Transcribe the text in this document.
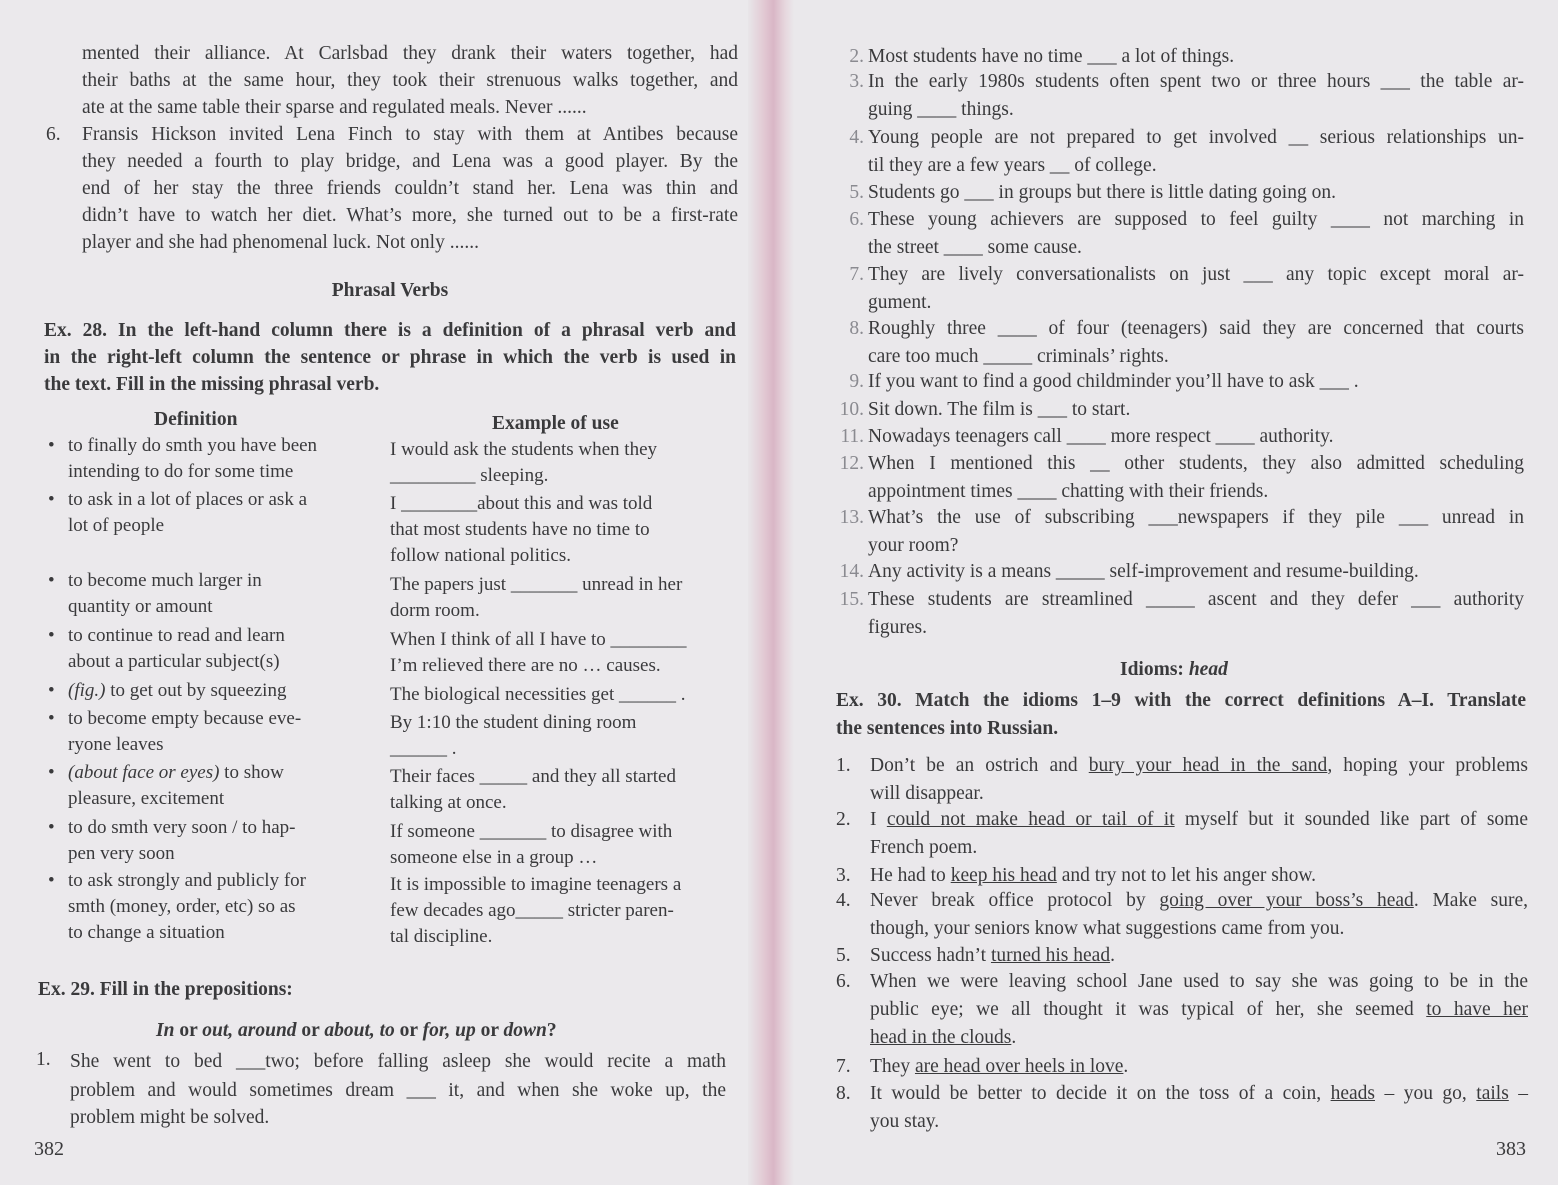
mented their alliance. At Carlsbad they drank their waters together, had
their baths at the same hour, they took their strenuous walks together, and
ate at the same table their sparse and regulated meals. Never ......
6. Fransis Hickson invited Lena Finch to stay with them at Antibes because
they needed a fourth to play bridge, and Lena was a good player. By the
end of her stay the three friends couldn’t stand her. Lena was thin and
didn’t have to watch her diet. What’s more, she turned out to be a first-rate
player and she had phenomenal luck. Not only ......
Phrasal Verbs
Ex. 28. In the left-hand column there is a definition of a phrasal verb and
in the right-left column the sentence or phrase in which the verb is used in
the text. Fill in the missing phrasal verb.
Definition	Example of use
• to finally do smth you have been
intending to do for some time
I would ask the students when they
_________ sleeping.
• to ask in a lot of places or ask a
lot of people
I ________about this and was told
that most students have no time to
follow national politics.
• to become much larger in
quantity or amount
The papers just _______ unread in her
dorm room.
• to continue to read and learn
about a particular subject(s)
When I think of all I have to ________
I’m relieved there are no … causes.
• (fig.) to get out by squeezing	The biological necessities get ______ .
• to become empty because eve-
ryone leaves
By 1:10 the student dining room
______ .
• (about face or eyes) to show
pleasure, excitement
Their faces _____ and they all started
talking at once.
• to do smth very soon / to hap-
pen very soon
If someone _______ to disagree with
someone else in a group …
• to ask strongly and publicly for
smth (money, order, etc) so as
to change a situation
It is impossible to imagine teenagers a
few decades ago_____ stricter paren-
tal discipline.
Ex. 29. Fill in the prepositions:
In or out, around or about, to or for, up or down?
1. She went to bed ___two; before falling asleep she would recite a math
problem and would sometimes dream ___ it, and when she woke up, the
problem might be solved.
382
2. Most students have no time ___ a lot of things.
3. In the early 1980s students often spent two or three hours ___ the table ar-
guing ____ things.
4. Young people are not prepared to get involved __ serious relationships un-
til they are a few years __ of college.
5. Students go ___ in groups but there is little dating going on.
6. These young achievers are supposed to feel guilty ____ not marching in
the street ____ some cause.
7. They are lively conversationalists on just ___ any topic except moral ar-
gument.
8. Roughly three ____ of four (teenagers) said they are concerned that courts
care too much _____ criminals’ rights.
9. If you want to find a good childminder you’ll have to ask ___ .
10. Sit down. The film is ___ to start.
11. Nowadays teenagers call ____ more respect ____ authority.
12. When I mentioned this __ other students, they also admitted scheduling
appointment times ____ chatting with their friends.
13. What’s the use of subscribing ___newspapers if they pile ___ unread in
your room?
14. Any activity is a means _____ self-improvement and resume-building.
15. These students are streamlined _____ ascent and they defer ___ authority
figures.
Idioms: head
Ex. 30. Match the idioms 1–9 with the correct definitions A–I. Translate
the sentences into Russian.
1. Don’t be an ostrich and bury your head in the sand, hoping your problems
will disappear.
2. I could not make head or tail of it myself but it sounded like part of some
French poem.
3. He had to keep his head and try not to let his anger show.
4. Never break office protocol by going over your boss’s head. Make sure,
though, your seniors know what suggestions came from you.
5. Success hadn’t turned his head.
6. When we were leaving school Jane used to say she was going to be in the
public eye; we all thought it was typical of her, she seemed to have her
head in the clouds.
7. They are head over heels in love.
8. It would be better to decide it on the toss of a coin, heads – you go, tails –
you stay.
383
